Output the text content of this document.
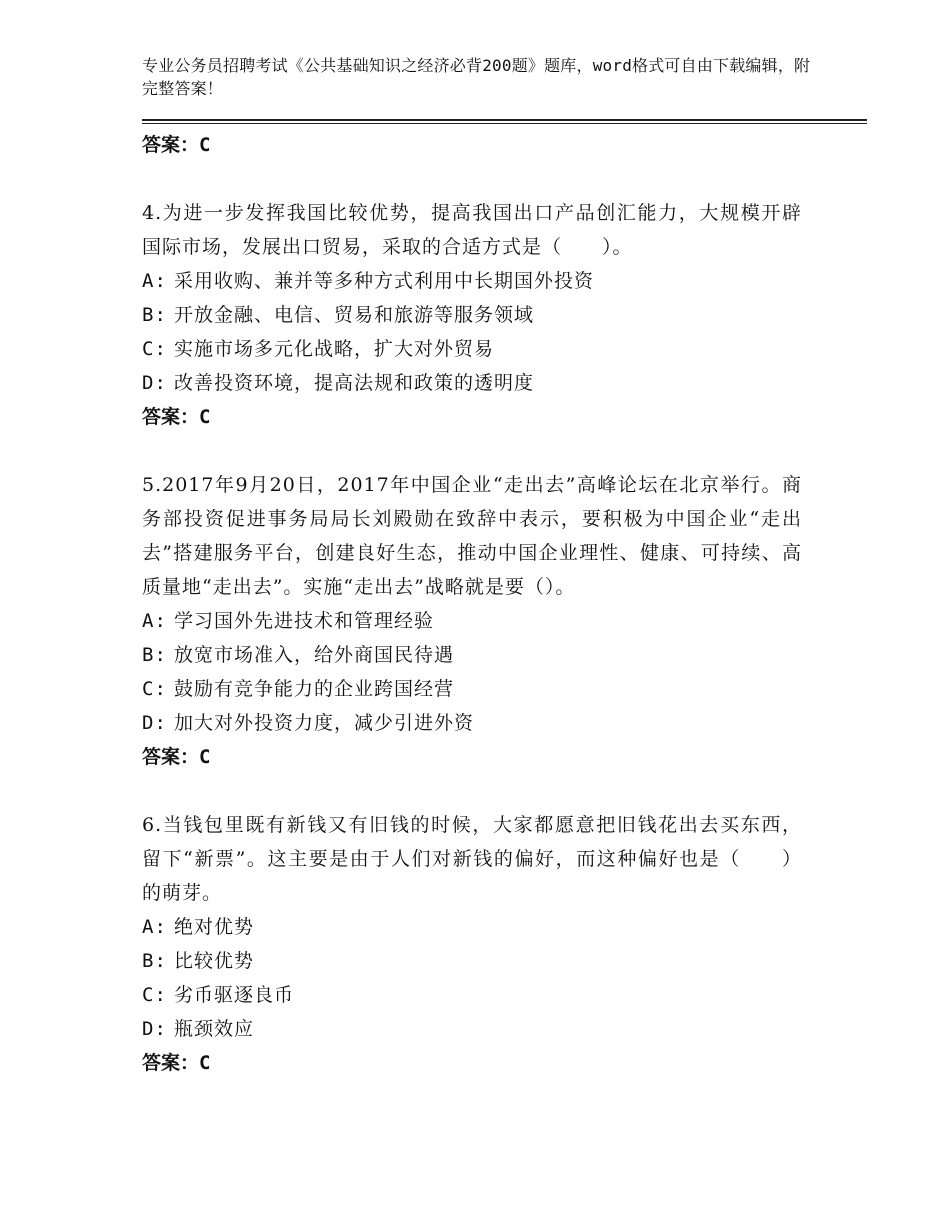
专业公务员招聘考试《公共基础知识之经济必背200题》题库，word格式可自由下载编辑，附完整答案！
答案：C
4.为进一步发挥我国比较优势，提高我国出口产品创汇能力，大规模开辟国际市场，发展出口贸易，采取的合适方式是（　　）。
A: 采用收购、兼并等多种方式利用中长期国外投资
B: 开放金融、电信、贸易和旅游等服务领域
C: 实施市场多元化战略，扩大对外贸易
D: 改善投资环境，提高法规和政策的透明度
答案：C
5.2017年9月20日，2017年中国企业“走出去”高峰论坛在北京举行。商务部投资促进事务局局长刘殿勋在致辞中表示，要积极为中国企业“走出去”搭建服务平台，创建良好生态，推动中国企业理性、健康、可持续、高质量地“走出去”。实施“走出去”战略就是要（）。
A: 学习国外先进技术和管理经验
B: 放宽市场准入，给外商国民待遇
C: 鼓励有竞争能力的企业跨国经营
D: 加大对外投资力度，减少引进外资
答案：C
6.当钱包里既有新钱又有旧钱的时候，大家都愿意把旧钱花出去买东西，留下“新票”。这主要是由于人们对新钱的偏好，而这种偏好也是（　　）的萌芽。
A: 绝对优势
B: 比较优势
C: 劣币驱逐良币
D: 瓶颈效应
答案：C
